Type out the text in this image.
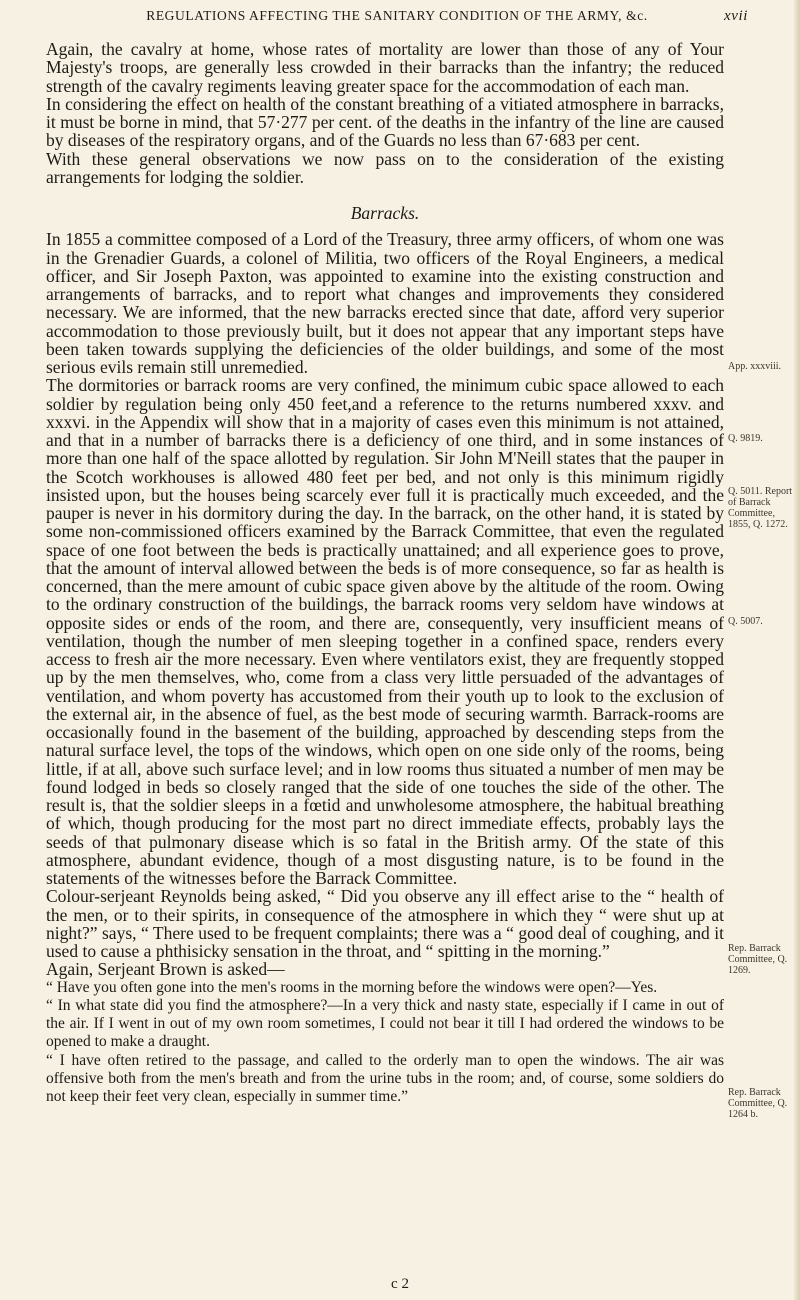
REGULATIONS AFFECTING THE SANITARY CONDITION OF THE ARMY, &c.	xvii

Again, the cavalry at home, whose rates of mortality are lower than those of any of Your Majesty's troops, are generally less crowded in their barracks than the infantry; the reduced strength of the cavalry regiments leaving greater space for the accommodation of each man.

In considering the effect on health of the constant breathing of a vitiated atmosphere in barracks, it must be borne in mind, that 57·277 per cent. of the deaths in the infantry of the line are caused by diseases of the respiratory organs, and of the Guards no less than 67·683 per cent.

With these general observations we now pass on to the consideration of the existing arrangements for lodging the soldier.

Barracks.

In 1855 a committee composed of a Lord of the Treasury, three army officers, of whom one was in the Grenadier Guards, a colonel of Militia, two officers of the Royal Engineers, a medical officer, and Sir Joseph Paxton, was appointed to examine into the existing construction and arrangements of barracks, and to report what changes and improvements they considered necessary. We are informed, that the new barracks erected since that date, afford very superior accommodation to those previously built, but it does not appear that any important steps have been taken towards supplying the deficiencies of the older buildings, and some of the most serious evils remain still unremedied.

The dormitories or barrack rooms are very confined, the minimum cubic space allowed to each soldier by regulation being only 450 feet,and a reference to the returns numbered xxxv. and xxxvi. in the Appendix will show that in a majority of cases even this minimum is not attained, and that in a number of barracks there is a deficiency of one third, and in some instances of more than one half of the space allotted by regulation. Sir John M'Neill states that the pauper in the Scotch workhouses is allowed 480 feet per bed, and not only is this minimum rigidly insisted upon, but the houses being scarcely ever full it is practically much exceeded, and the pauper is never in his dormitory during the day. In the barrack, on the other hand, it is stated by some non-commissioned officers examined by the Barrack Committee, that even the regulated space of one foot between the beds is practically unattained; and all experience goes to prove, that the amount of interval allowed between the beds is of more consequence, so far as health is concerned, than the mere amount of cubic space given above by the altitude of the room. Owing to the ordinary construction of the buildings, the barrack rooms very seldom have windows at opposite sides or ends of the room, and there are, consequently, very insufficient means of ventilation, though the number of men sleeping together in a confined space, renders every access to fresh air the more necessary. Even where ventilators exist, they are frequently stopped up by the men themselves, who, come from a class very little persuaded of the advantages of ventilation, and whom poverty has accustomed from their youth up to look to the exclusion of the external air, in the absence of fuel, as the best mode of securing warmth. Barrack-rooms are occasionally found in the basement of the building, approached by descending steps from the natural surface level, the tops of the windows, which open on one side only of the rooms, being little, if at all, above such surface level; and in low rooms thus situated a number of men may be found lodged in beds so closely ranged that the side of one touches the side of the other. The result is, that the soldier sleeps in a fœtid and unwholesome atmosphere, the habitual breathing of which, though producing for the most part no direct immediate effects, probably lays the seeds of that pulmonary disease which is so fatal in the British army. Of the state of this atmosphere, abundant evidence, though of a most disgusting nature, is to be found in the statements of the witnesses before the Barrack Committee.

Colour-serjeant Reynolds being asked, “ Did you observe any ill effect arise to the “ health of the men, or to their spirits, in consequence of the atmosphere in which they “ were shut up at night?” says, “ There used to be frequent complaints; there was a “ good deal of coughing, and it used to cause a phthisicky sensation in the throat, and “ spitting in the morning.”

Again, Serjeant Brown is asked—

“ Have you often gone into the men's rooms in the morning before the windows were open?—Yes.

“ In what state did you find the atmosphere?—In a very thick and nasty state, especially if I came in out of the air. If I went in out of my own room sometimes, I could not bear it till I had ordered the windows to be opened to make a draught.

“ I have often retired to the passage, and called to the orderly man to open the windows. The air was offensive both from the men's breath and from the urine tubs in the room; and, of course, some soldiers do not keep their feet very clean, especially in summer time.”

App. xxxviii.
Q. 9819.
Q. 5011. Report of Barrack Committee, 1855, Q. 1272.
Q. 5007.
Rep. Barrack Committee, Q. 1269.
Rep. Barrack Committee, Q. 1264 b.
c 2
